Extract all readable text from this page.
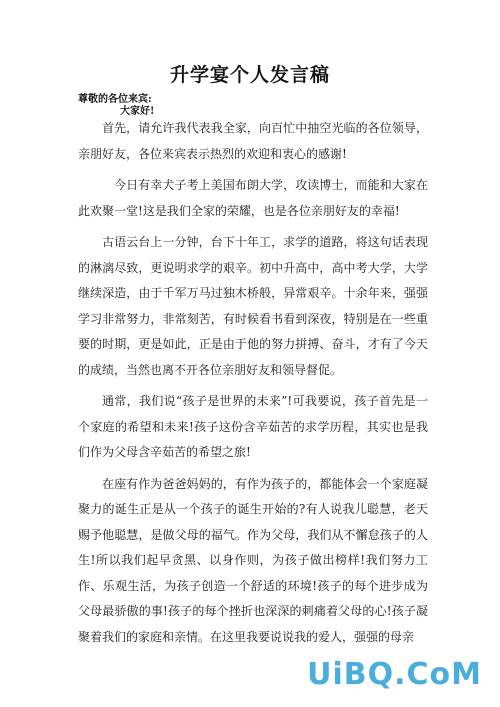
升学宴个人发言稿
尊敬的各位来宾:
大家好!

首先，请允许我代表我全家，向百忙中抽空光临的各位领导，亲朋好友，各位来宾表示热烈的欢迎和衷心的感谢!

今日有幸犬子考上美国布朗大学，攻读博士，而能和大家在此欢聚一堂!这是我们全家的荣耀，也是各位亲朋好友的幸福!

古语云台上一分钟，台下十年工，求学的道路，将这句话表现的淋漓尽致，更说明求学的艰辛。初中升高中，高中考大学，大学继续深造，由于千军万马过独木桥般，异常艰辛。十余年来，强强学习非常努力，非常刻苦，有时候看书看到深夜，特别是在一些重要的时期，更是如此，正是由于他的努力拼搏、奋斗，才有了今天的成绩，当然也离不开各位亲朋好友和领导督促。

通常，我们说“孩子是世界的未来”!可我要说，孩子首先是一个家庭的希望和未来!孩子这份含辛茹苦的求学历程，其实也是我们作为父母含辛茹苦的希望之旅!

在座有作为爸爸妈妈的，有作为孩子的，都能体会一个家庭凝聚力的诞生正是从一个孩子的诞生开始的?有人说我儿聪慧，老天赐予他聪慧，是做父母的福气。作为父母，我们从不懈怠孩子的人生!所以我们起早贪黑、以身作则，为孩子做出榜样!我们努力工作、乐观生活，为孩子创造一个舒适的环境!孩子的每个进步成为父母最骄傲的事!孩子的每个挫折也深深的刺痛着父母的心!孩子凝聚着我们的家庭和亲情。在这里我要说说我的爱人，强强的母亲

UiBQ.CoM
